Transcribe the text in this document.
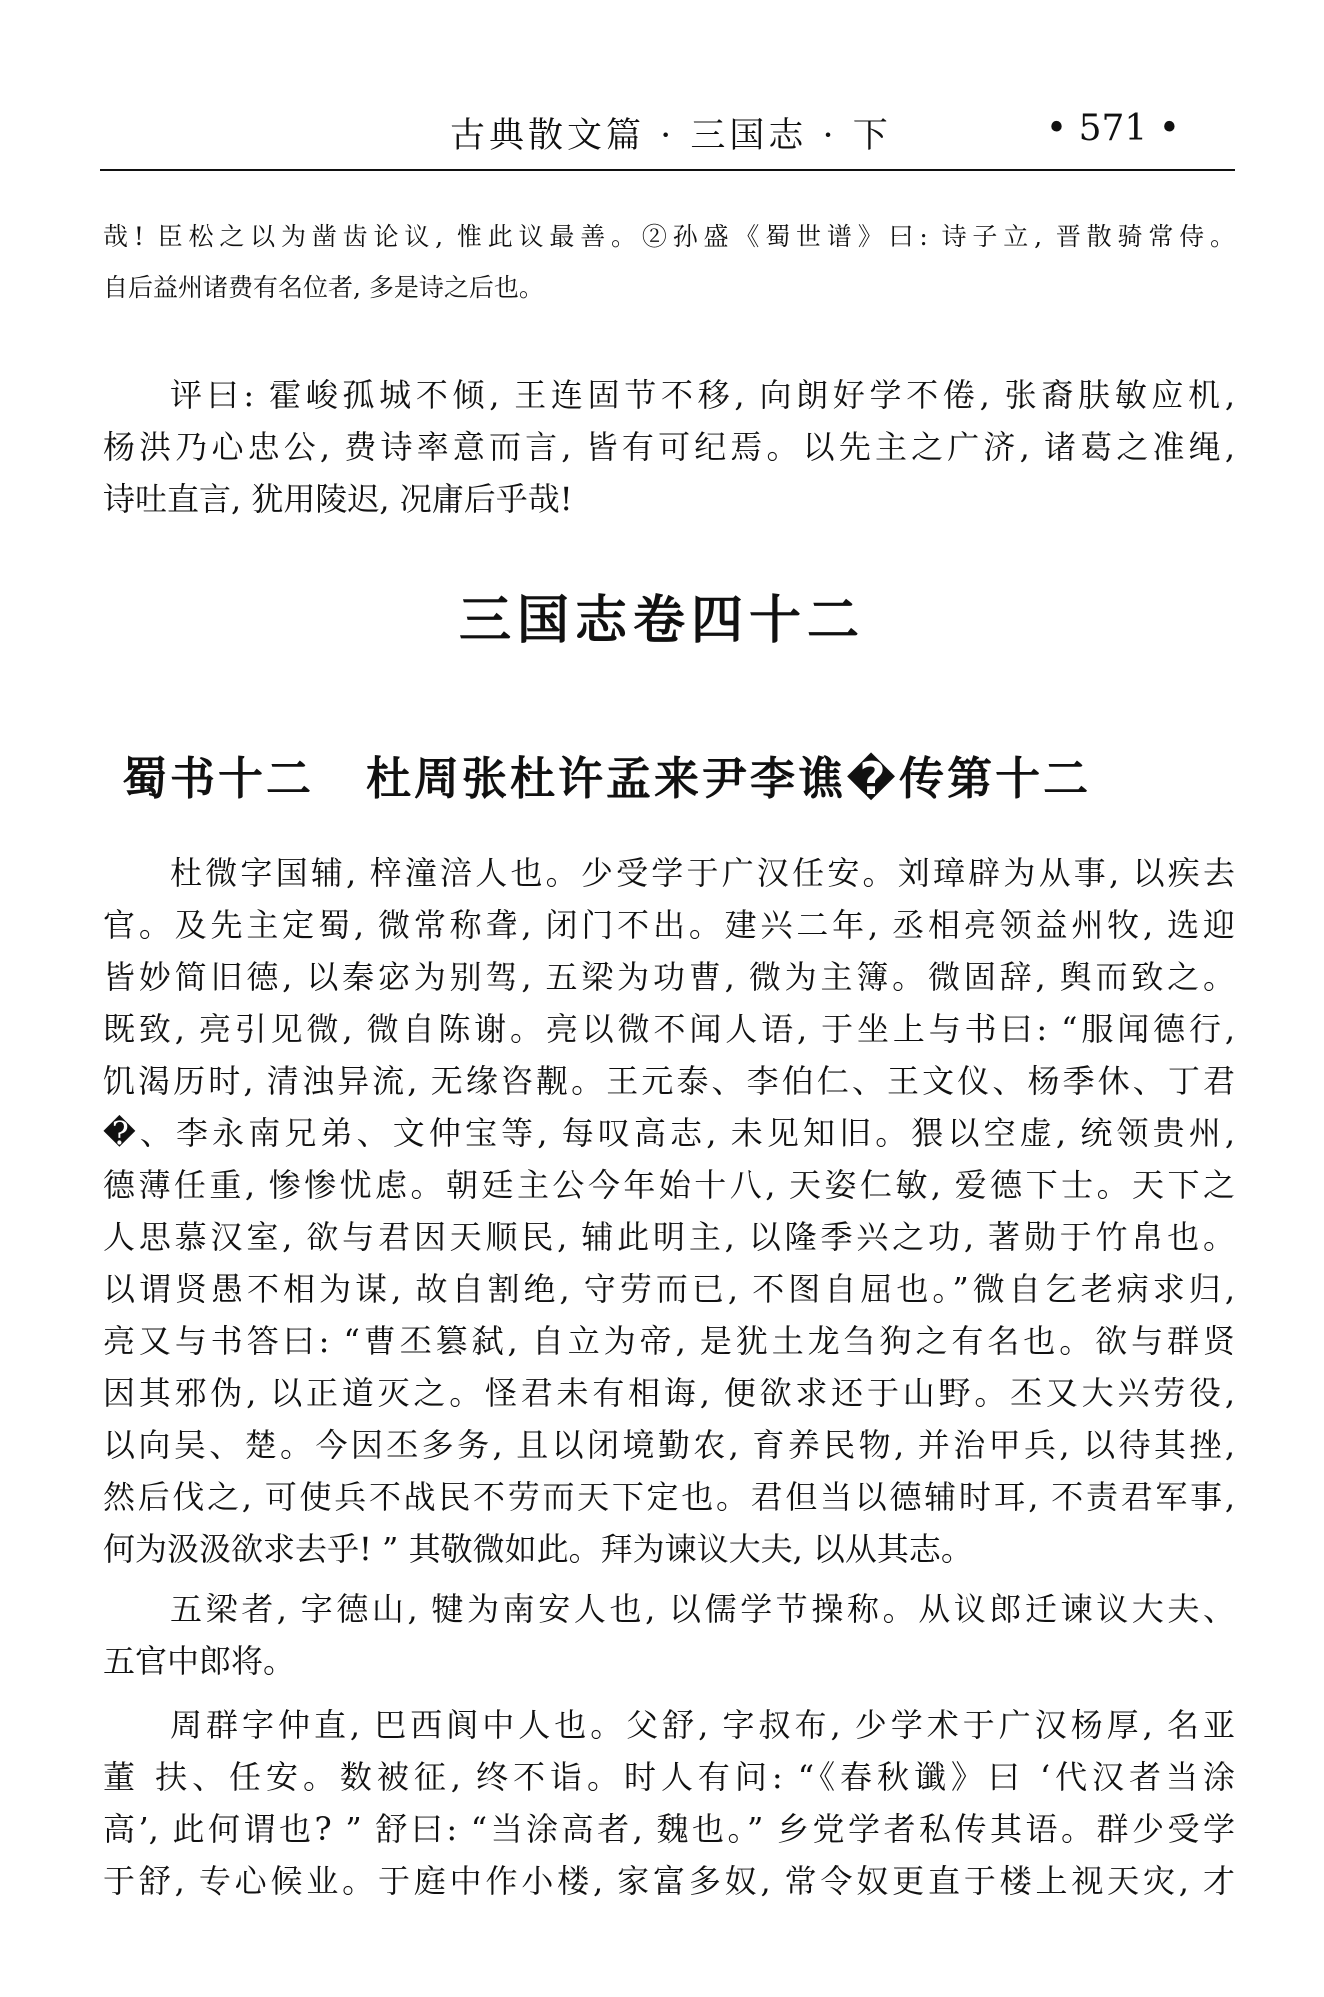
古典散文篇 · 三国志 · 下	• 571 •
哉! 臣松之以为凿齿论议, 惟此议最善。②孙盛《蜀世谱》曰: 诗子立, 晋散骑常侍。
自后益州诸费有名位者, 多是诗之后也。
评曰: 霍峻孤城不倾, 王连固节不移, 向朗好学不倦, 张裔肤敏应机,
杨洪乃心忠公, 费诗率意而言, 皆有可纪焉。以先主之广济, 诸葛之准绳,
诗吐直言, 犹用陵迟, 况庸后乎哉!
三国志卷四十二
蜀书十二 杜周张杜许孟来尹李谯�传第十二
杜微字国辅, 梓潼涪人也。少受学于广汉任安。刘璋辟为从事, 以疾去
官。及先主定蜀, 微常称聋, 闭门不出。建兴二年, 丞相亮领益州牧, 选迎
皆妙简旧德, 以秦宓为别驾, 五梁为功曹, 微为主簿。微固辞, 舆而致之。
既致, 亮引见微, 微自陈谢。亮以微不闻人语, 于坐上与书曰: “服闻德行,
饥渴历时, 清浊异流, 无缘咨觏。王元泰、李伯仁、王文仪、杨季休、丁君
�、李永南兄弟、文仲宝等, 每叹高志, 未见知旧。猥以空虚, 统领贵州,
德薄任重, 惨惨忧虑。朝廷主公今年始十八, 天姿仁敏, 爱德下士。天下之
人思慕汉室, 欲与君因天顺民, 辅此明主, 以隆季兴之功, 著勋于竹帛也。
以谓贤愚不相为谋, 故自割绝, 守劳而已, 不图自屈也。”微自乞老病求归,
亮又与书答曰: “曹丕篡弑, 自立为帝, 是犹土龙刍狗之有名也。欲与群贤
因其邪伪, 以正道灭之。怪君未有相诲, 便欲求还于山野。丕又大兴劳役,
以向吴、楚。今因丕多务, 且以闭境勤农, 育养民物, 并治甲兵, 以待其挫,
然后伐之, 可使兵不战民不劳而天下定也。君但当以德辅时耳, 不责君军事,
何为汲汲欲求去乎! ” 其敬微如此。拜为谏议大夫, 以从其志。
五梁者, 字德山, 犍为南安人也, 以儒学节操称。从议郎迁谏议大夫、
五官中郎将。
周群字仲直, 巴西阆中人也。父舒, 字叔布, 少学术于广汉杨厚, 名亚
董 扶、任安。数被征, 终不诣。时人有问: “《春秋谶》曰 ‘代汉者当涂
高’, 此何谓也? ” 舒曰: “当涂高者, 魏也。” 乡党学者私传其语。群少受学
于舒, 专心候业。于庭中作小楼, 家富多奴, 常令奴更直于楼上视天灾, 才
